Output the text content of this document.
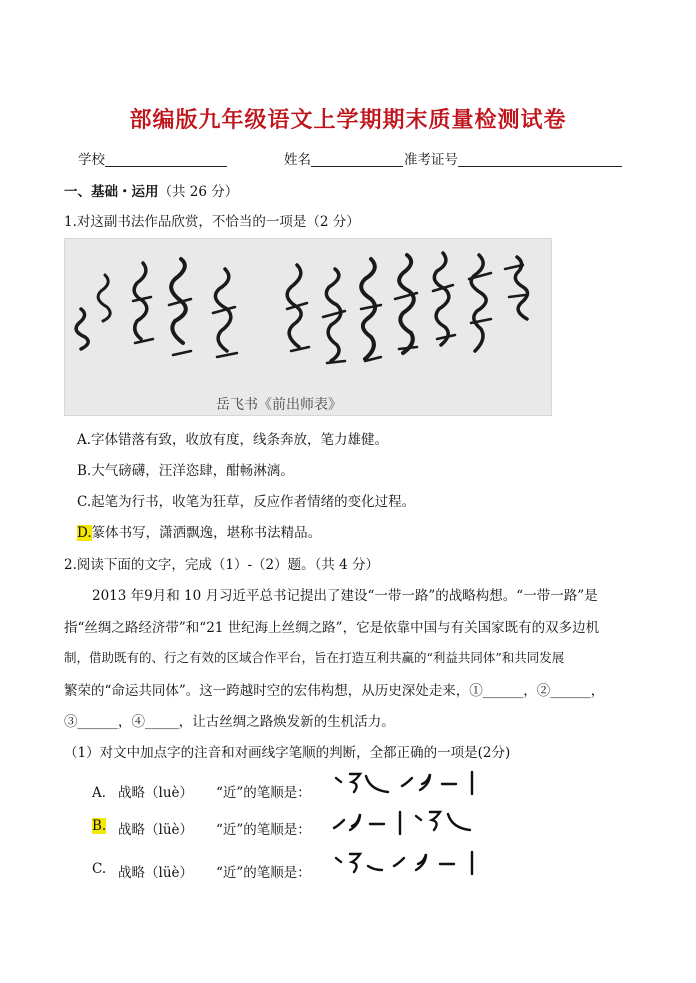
部编版九年级语文上学期期末质量检测试卷
学校	姓名	准考证号
一、基础・运用（共 26 分）
1.对这副书法作品欣赏，不恰当的一项是（2 分）
岳飞书《前出师表》
A.字体错落有致，收放有度，线条奔放，笔力雄健。
B.大气磅礴，汪洋恣肆，酣畅淋漓。
C.起笔为行书，收笔为狂草，反应作者情绪的变化过程。
D.篆体书写，潇洒飘逸，堪称书法精品。
2.阅读下面的文字，完成（1）-（2）题。（共 4 分）
2013 年9月和 10 月习近平总书记提出了建设“一带一路”的战略构想。“一带一路”是
指“丝绸之路经济带”和“21 世纪海上丝绸之路”，它是依靠中国与有关国家既有的双多边机
制，借助既有的、行之有效的区域合作平台，旨在打造互利共赢的“利益共同体”和共同发展
繁荣的“命运共同体”。这一跨越时空的宏伟构想，从历史深处走来，①______，②______，
③______，④_____，让古丝绸之路焕发新的生机活力。
（1）对文中加点字的注音和对画线字笔顺的判断，全都正确的一项是(2分)
A． 战略（luè） “近”的笔顺是：
B. 战略（lüè） “近”的笔顺是：
C. 战略（lüè） “近”的笔顺是：
